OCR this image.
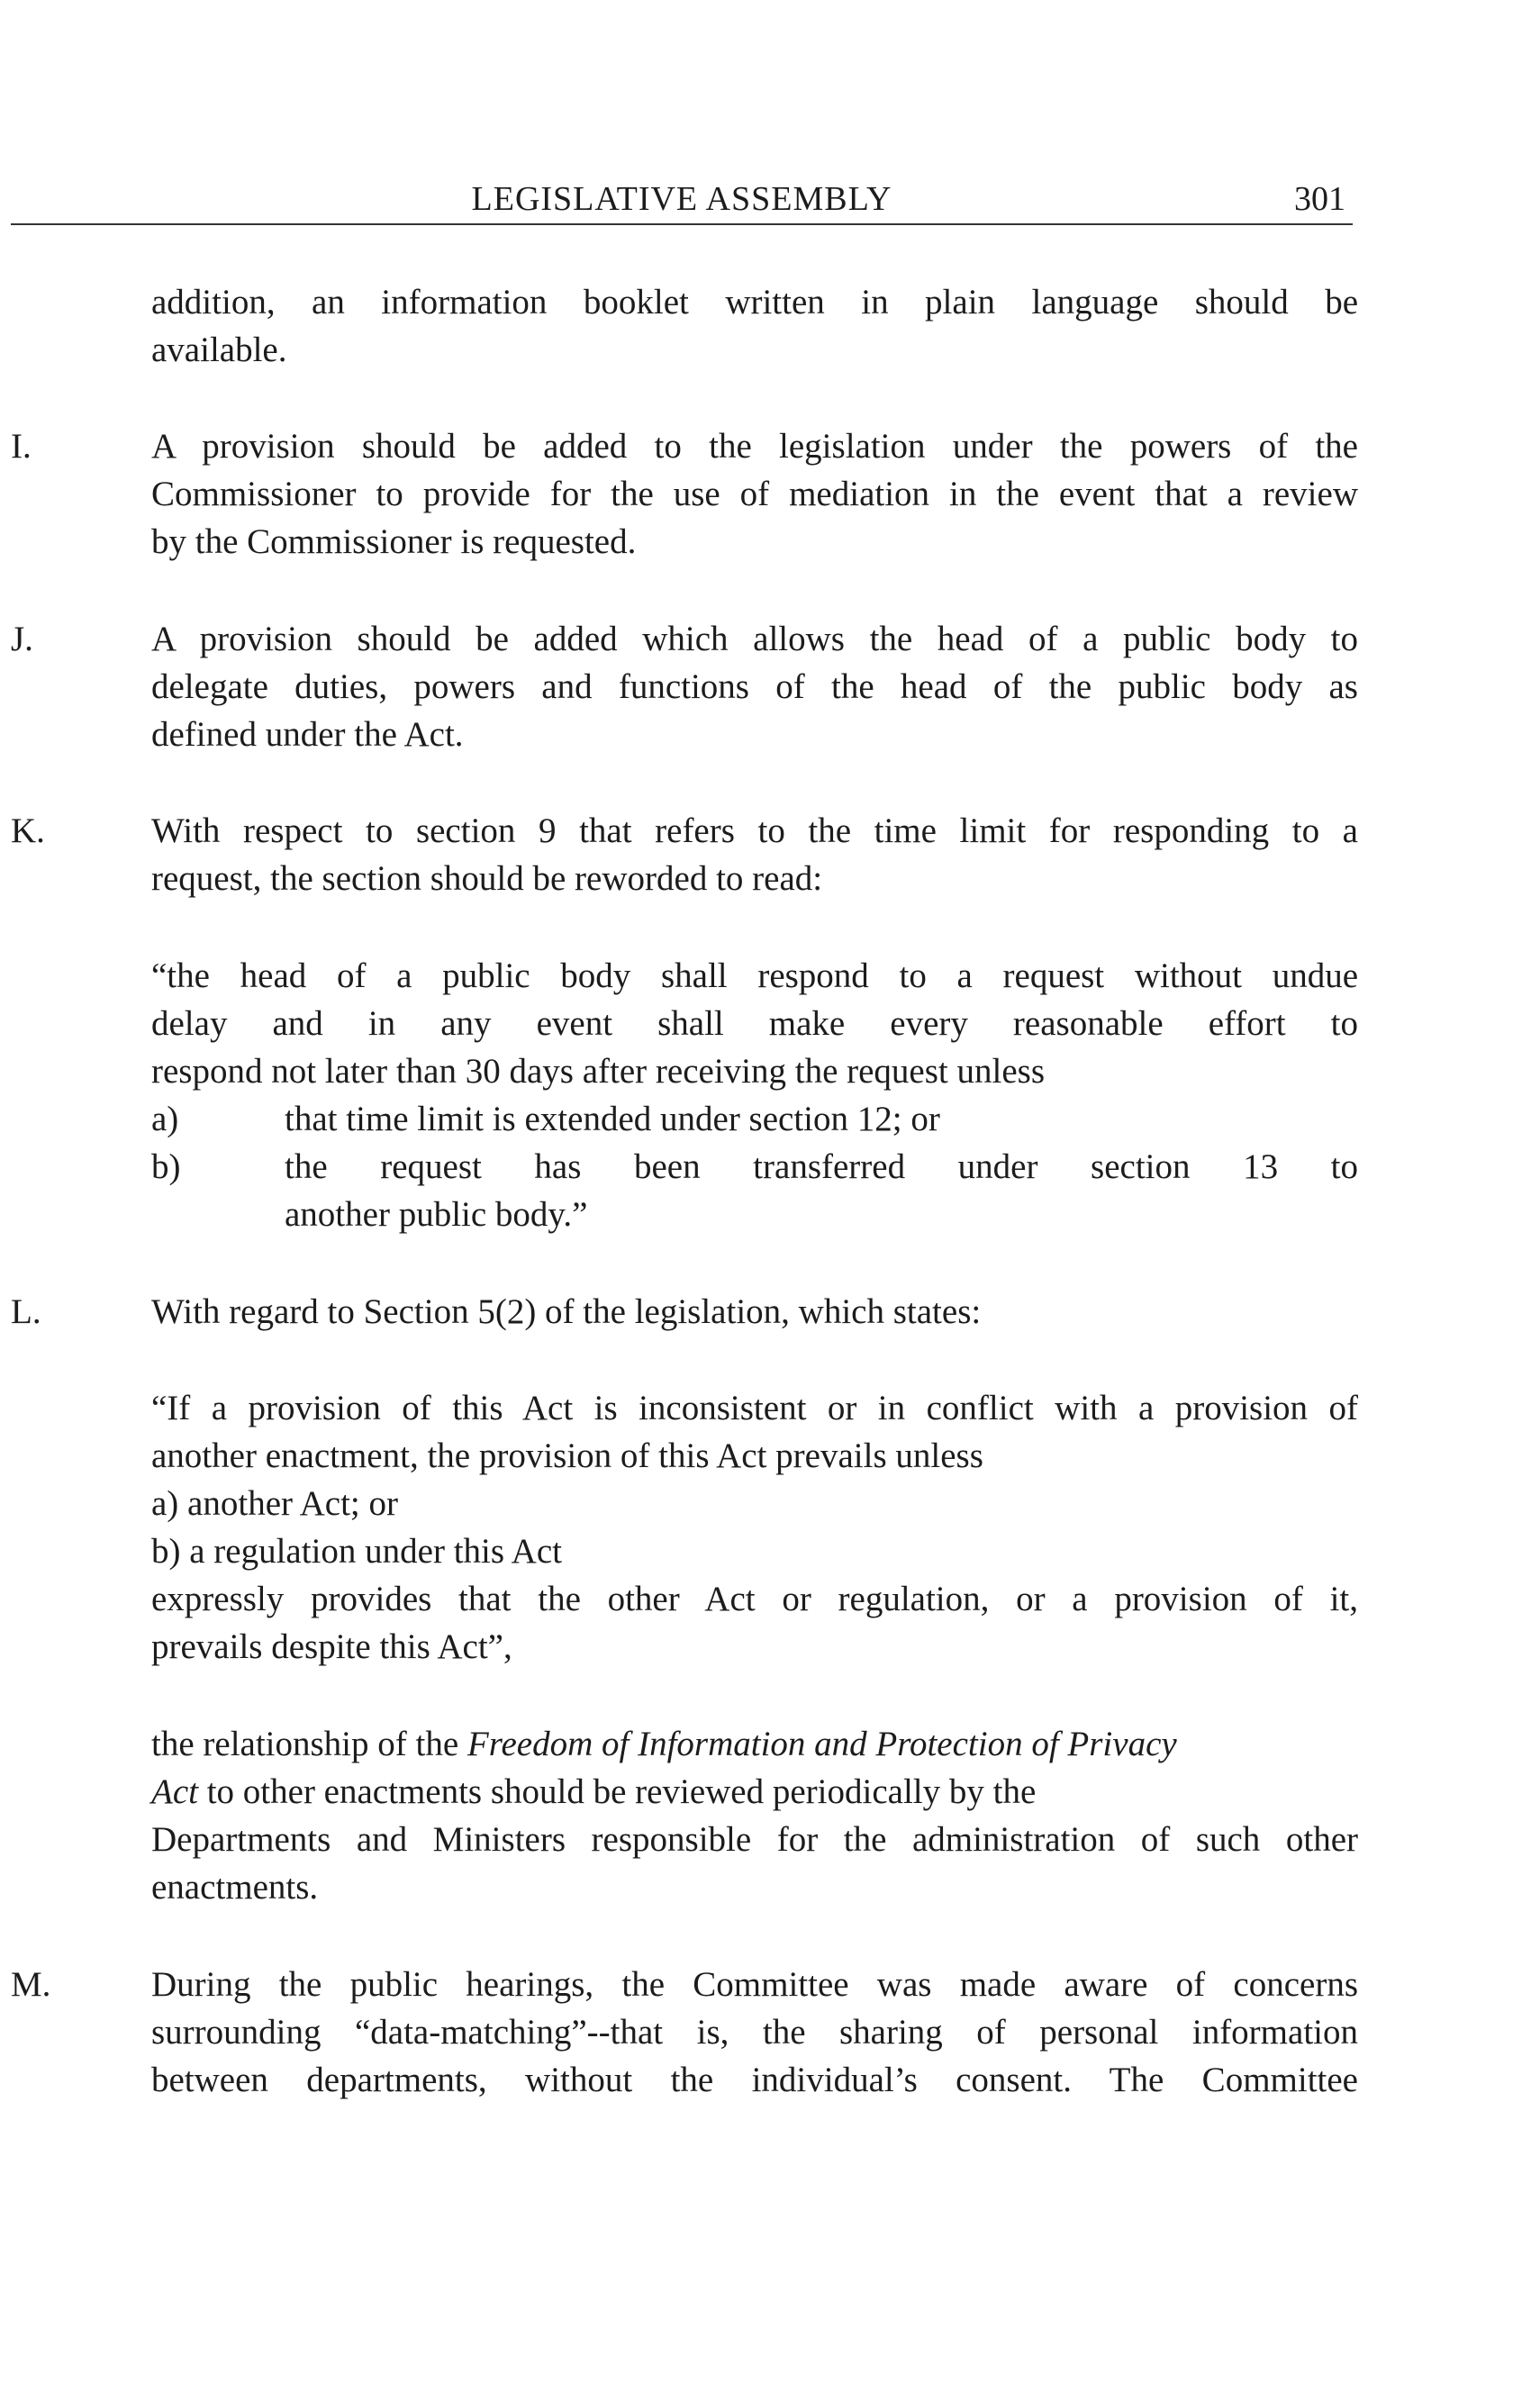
LEGISLATIVE ASSEMBLY	301
addition, an information booklet written in plain language should be
available.
I.	A provision should be added to the legislation under the powers of the
Commissioner to provide for the use of mediation in the event that a review
by the Commissioner is requested.
J.	A provision should be added which allows the head of a public body to
delegate duties, powers and functions of the head of the public body as
defined under the Act.
K.	With respect to section 9 that refers to the time limit for responding to a
request, the section should be reworded to read:
“the head of a public body shall respond to a request without undue
delay and in any event shall make every reasonable effort to
respond not later than 30 days after receiving the request unless
a)	that time limit is extended under section 12; or
b)	the request has been transferred under section 13 to
another public body.”
L.	With regard to Section 5(2) of the legislation, which states:
“If a provision of this Act is inconsistent or in conflict with a provision of
another enactment, the provision of this Act prevails unless
a) another Act; or
b) a regulation under this Act
expressly provides that the other Act or regulation, or a provision of it,
prevails despite this Act”,
the relationship of the Freedom of Information and Protection of Privacy
Act to other enactments should be reviewed periodically by the
Departments and Ministers responsible for the administration of such other
enactments.
M.	During the public hearings, the Committee was made aware of concerns
surrounding “data-matching”--that is, the sharing of personal information
between departments, without the individual’s consent. The Committee
